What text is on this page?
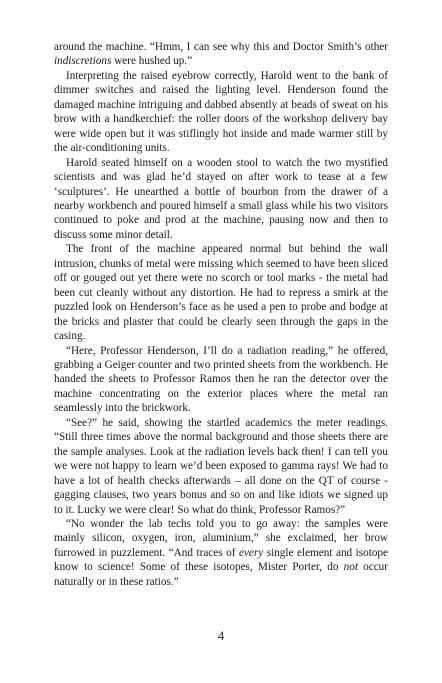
around the machine. “Hmm, I can see why this and Doctor Smith’s other indiscretions were hushed up.”

Interpreting the raised eyebrow correctly, Harold went to the bank of dimmer switches and raised the lighting level. Henderson found the damaged machine intriguing and dabbed absently at beads of sweat on his brow with a handkerchief: the roller doors of the workshop delivery bay were wide open but it was stiflingly hot inside and made warmer still by the air-conditioning units.

Harold seated himself on a wooden stool to watch the two mystified scientists and was glad he’d stayed on after work to tease at a few ‘sculptures’. He unearthed a bottle of bourbon from the drawer of a nearby workbench and poured himself a small glass while his two visitors continued to poke and prod at the machine, pausing now and then to discuss some minor detail.

The front of the machine appeared normal but behind the wall intrusion, chunks of metal were missing which seemed to have been sliced off or gouged out yet there were no scorch or tool marks - the metal had been cut cleanly without any distortion. He had to repress a smirk at the puzzled look on Henderson’s face as he used a pen to probe and bodge at the bricks and plaster that could be clearly seen through the gaps in the casing.

“Here, Professor Henderson, I’ll do a radiation reading,” he offered, grabbing a Geiger counter and two printed sheets from the workbench. He handed the sheets to Professor Ramos then he ran the detector over the machine concentrating on the exterior places where the metal ran seamlessly into the brickwork.

“See?” he said, showing the startled academics the meter readings. “Still three times above the normal background and those sheets there are the sample analyses. Look at the radiation levels back then! I can tell you we were not happy to learn we’d been exposed to gamma rays! We had to have a lot of health checks afterwards – all done on the QT of course - gagging clauses, two years bonus and so on and like idiots we signed up to it. Lucky we were clear! So what do think, Professor Ramos?”

“No wonder the lab techs told you to go away: the samples were mainly silicon, oxygen, iron, aluminium,” she exclaimed, her brow furrowed in puzzlement. “And traces of every single element and isotope know to science! Some of these isotopes, Mister Porter, do not occur naturally or in these ratios.”

4
